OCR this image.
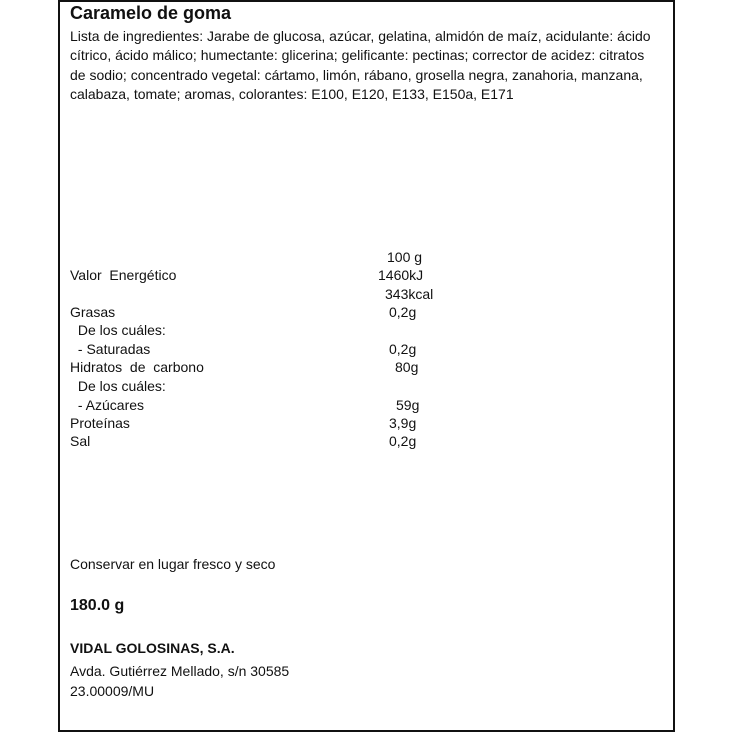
Caramelo de goma
Lista de ingredientes: Jarabe de glucosa, azúcar, gelatina, almidón de maíz, acidulante: ácido cítrico, ácido málico; humectante: glicerina; gelificante: pectinas; corrector de acidez: citratos de sodio; concentrado vegetal: cártamo, limón, rábano, grosella negra, zanahoria, manzana, calabaza, tomate; aromas, colorantes: E100, E120, E133, E150a, E171
100 g
Valor  Energético	1460kJ
343kcal
Grasas	0,2g
De los cuáles:
- Saturadas	0,2g
Hidratos  de  carbono	80g
De los cuáles:
- Azúcares	59g
Proteínas	3,9g
Sal	0,2g
Conservar en lugar fresco y seco
180.0 g
VIDAL GOLOSINAS, S.A.
Avda. Gutiérrez Mellado, s/n 30585
23.00009/MU
